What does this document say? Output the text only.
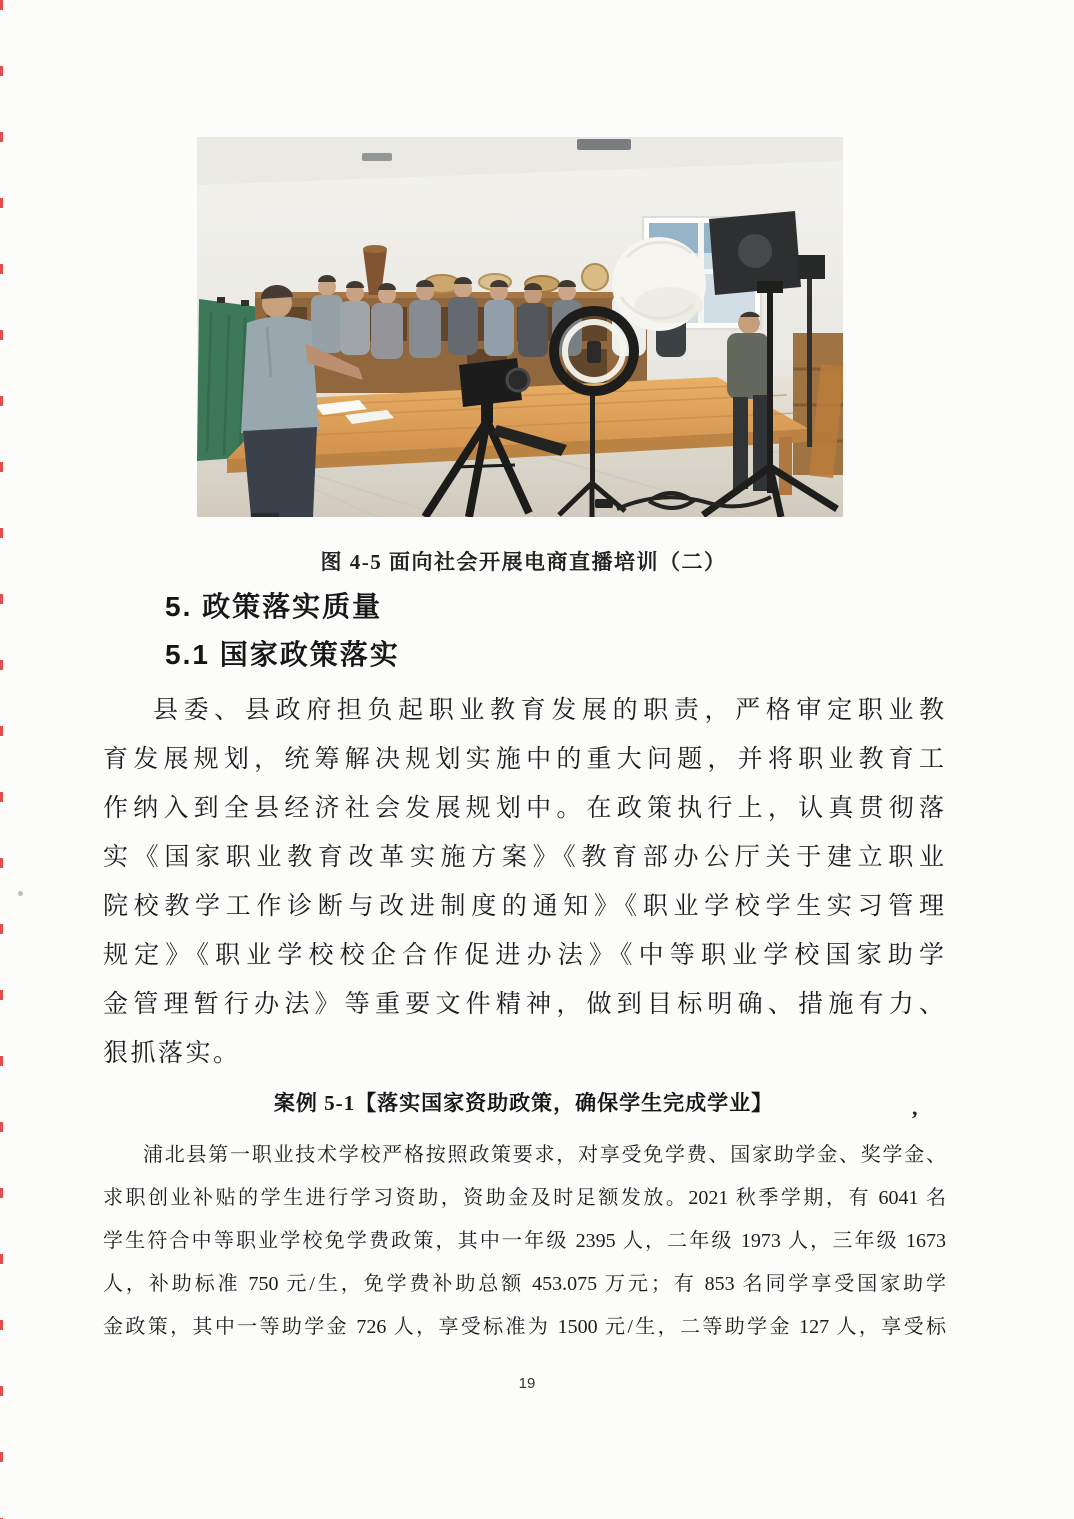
图 4-5 面向社会开展电商直播培训（二）
5. 政策落实质量
5.1 国家政策落实
县委、县政府担负起职业教育发展的职责，严格审定职业教
育发展规划，统筹解决规划实施中的重大问题，并将职业教育工
作纳入到全县经济社会发展规划中。在政策执行上，认真贯彻落
实《国家职业教育改革实施方案》《教育部办公厅关于建立职业
院校教学工作诊断与改进制度的通知》《职业学校学生实习管理
规定》《职业学校校企合作促进办法》《中等职业学校国家助学
金管理暂行办法》等重要文件精神，做到目标明确、措施有力、
狠抓落实。
案例 5-1【落实国家资助政策，确保学生完成学业】	,
浦北县第一职业技术学校严格按照政策要求，对享受免学费、国家助学金、奖学金、
求职创业补贴的学生进行学习资助，资助金及时足额发放。2021 秋季学期，有 6041 名
学生符合中等职业学校免学费政策，其中一年级 2395 人，二年级 1973 人，三年级 1673
人，补助标准 750 元/生，免学费补助总额 453.075 万元；有 853 名同学享受国家助学
金政策，其中一等助学金 726 人，享受标准为 1500 元/生，二等助学金 127 人，享受标
19
